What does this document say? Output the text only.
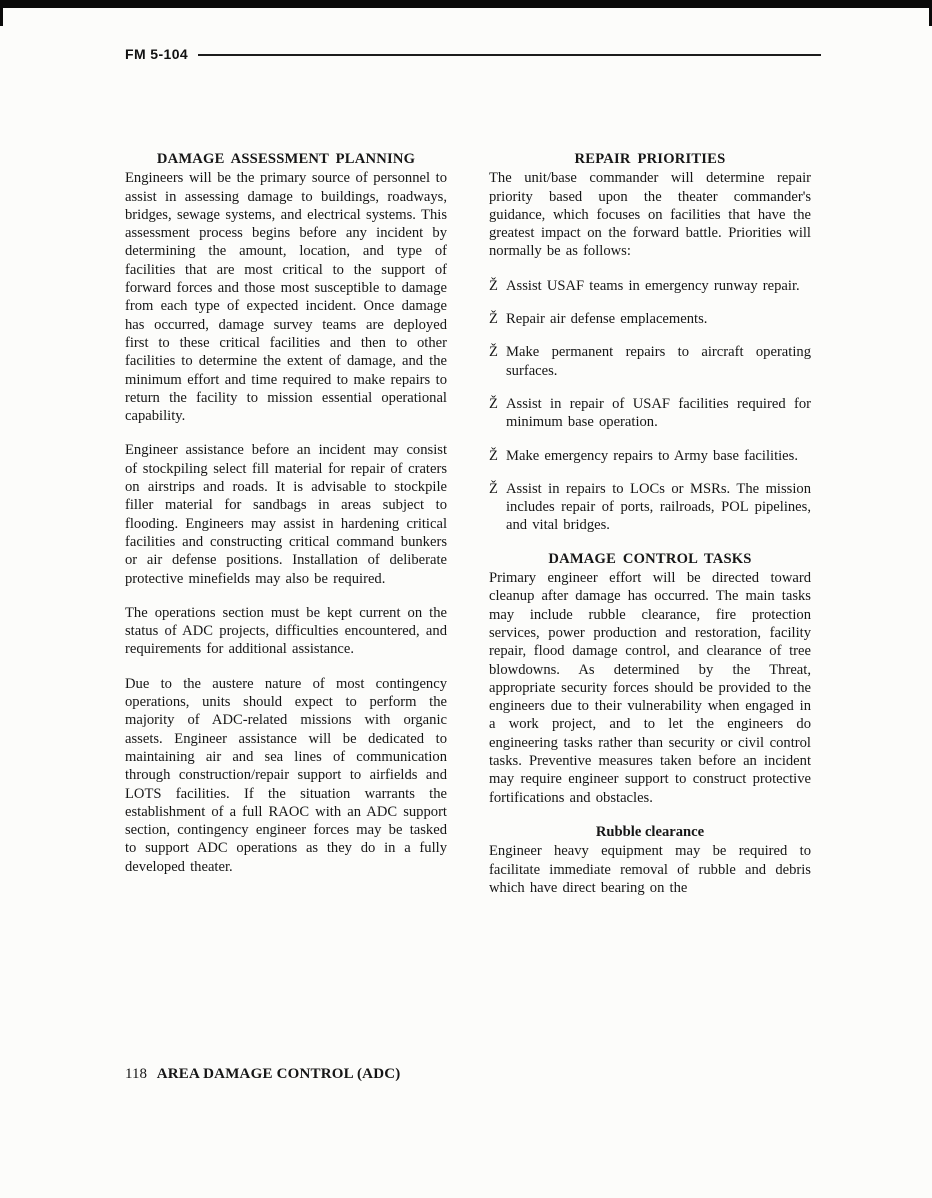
FM 5-104
DAMAGE ASSESSMENT PLANNING

Engineers will be the primary source of personnel to assist in assessing damage to buildings, roadways, bridges, sewage systems, and electrical systems. This assessment process begins before any incident by determining the amount, location, and type of facilities that are most critical to the support of forward forces and those most susceptible to damage from each type of expected incident. Once damage has occurred, damage survey teams are deployed first to these critical facilities and then to other facilities to determine the extent of damage, and the minimum effort and time required to make repairs to return the facility to mission essential operational capability.

Engineer assistance before an incident may consist of stockpiling select fill material for repair of craters on airstrips and roads. It is advisable to stockpile filler material for sandbags in areas subject to flooding. Engineers may assist in hardening critical facilities and constructing critical command bunkers or air defense positions. Installation of deliberate protective minefields may also be required.

The operations section must be kept current on the status of ADC projects, difficulties encountered, and requirements for additional assistance.

Due to the austere nature of most contingency operations, units should expect to perform the majority of ADC-related missions with organic assets. Engineer assistance will be dedicated to maintaining air and sea lines of communication through construction/repair support to airfields and LOTS facilities. If the situation warrants the establishment of a full RAOC with an ADC support section, contingency engineer forces may be tasked to support ADC operations as they do in a fully developed theater.

REPAIR PRIORITIES

The unit/base commander will determine repair priority based upon the theater commander's guidance, which focuses on facilities that have the greatest impact on the forward battle. Priorities will normally be as follows:

Ž Assist USAF teams in emergency runway repair.
Ž Repair air defense emplacements.
Ž Make permanent repairs to aircraft operating surfaces.
Ž Assist in repair of USAF facilities required for minimum base operation.
Ž Make emergency repairs to Army base facilities.
Ž Assist in repairs to LOCs or MSRs. The mission includes repair of ports, railroads, POL pipelines, and vital bridges.
DAMAGE CONTROL TASKS

Primary engineer effort will be directed toward cleanup after damage has occurred. The main tasks may include rubble clearance, fire protection services, power production and restoration, facility repair, flood damage control, and clearance of tree blowdowns. As determined by the Threat, appropriate security forces should be provided to the engineers due to their vulnerability when engaged in a work project, and to let the engineers do engineering tasks rather than security or civil control tasks. Preventive measures taken before an incident may require engineer support to construct protective fortifications and obstacles.

Rubble clearance

Engineer heavy equipment may be required to facilitate immediate removal of rubble and debris which have direct bearing on the

118 AREA DAMAGE CONTROL (ADC)
